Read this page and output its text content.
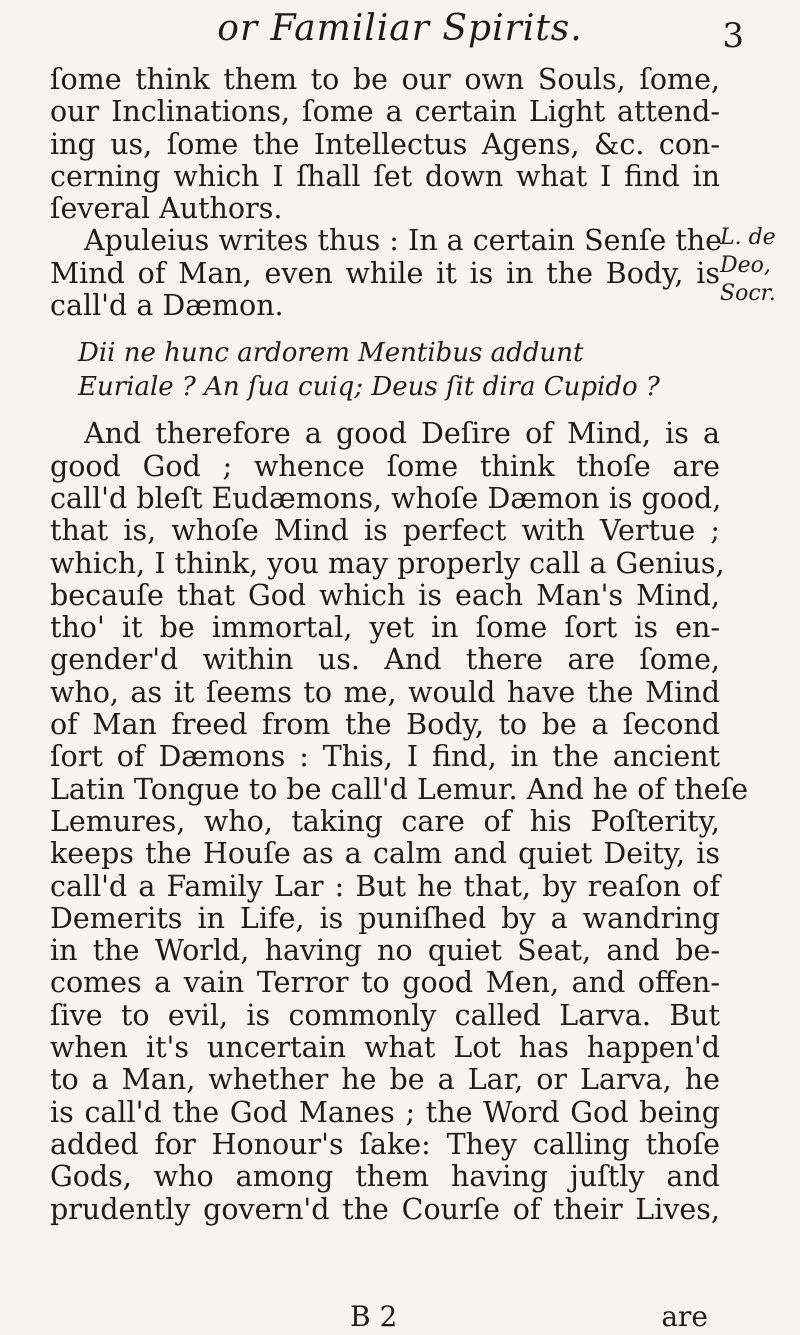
or Familiar Spirits.	3
ſome think them to be our own Souls, ſome,
our Inclinations, ſome a certain Light attend-
ing us, ſome the Intellectus Agens, &c. con-
cerning which I ſhall ſet down what I find in
ſeveral Authors.
Apuleius writes thus : In a certain Senſe the
Mind of Man, even while it is in the Body, is
call'd a Dæmon.
Dii ne hunc ardorem Mentibus addunt
Euriale ? An ſua cuiq; Deus ſit dira Cupido ?
And therefore a good Deſire of Mind, is a
good God ; whence ſome think thoſe are
call'd bleſt Eudæmons, whoſe Dæmon is good,
that is, whoſe Mind is perfect with Vertue ;
which, I think, you may properly call a Genius,
becauſe that God which is each Man's Mind,
tho' it be immortal, yet in ſome ſort is en-
gender'd within us. And there are ſome,
who, as it ſeems to me, would have the Mind
of Man freed from the Body, to be a ſecond
ſort of Dæmons : This, I find, in the ancient
Latin Tongue to be call'd Lemur. And he of theſe
Lemures, who, taking care of his Poſterity,
keeps the Houſe as a calm and quiet Deity, is
call'd a Family Lar : But he that, by reaſon of
Demerits in Life, is puniſhed by a wandring
in the World, having no quiet Seat, and be-
comes a vain Terror to good Men, and offen-
ſive to evil, is commonly called Larva. But
when it's uncertain what Lot has happen'd
to a Man, whether he be a Lar, or Larva, he
is call'd the God Manes ; the Word God being
added for Honour's ſake: They calling thoſe
Gods, who among them having juſtly and
prudently govern'd the Courſe of their Lives,
L. de Deo,
Socr.
B 2	are
